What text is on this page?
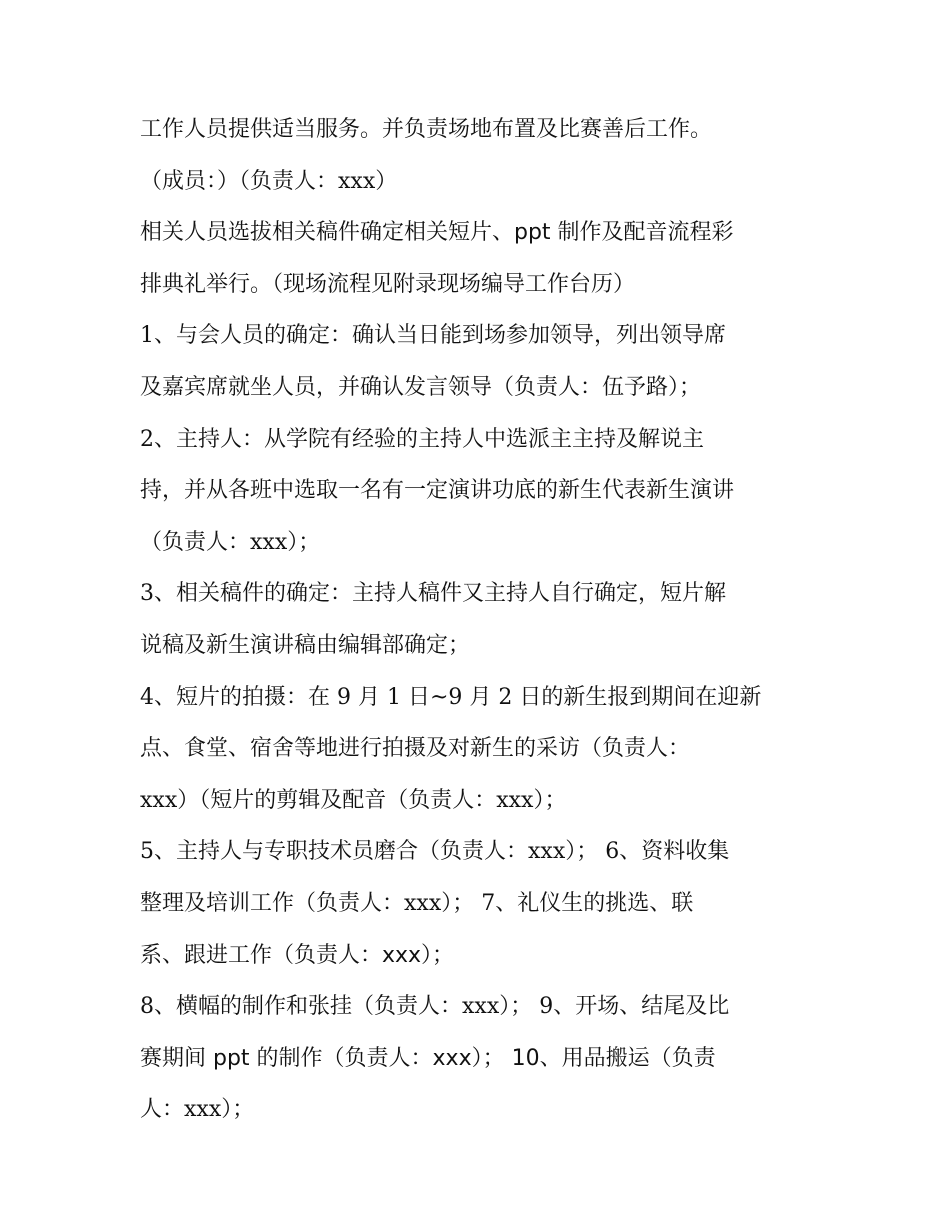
工作人员提供适当服务。并负责场地布置及比赛善后工作。
（成员：）（负责人：xxx）
相关人员选拔相关稿件确定相关短片、ppt 制作及配音流程彩
排典礼举行。（现场流程见附录现场编导工作台历）
1、与会人员的确定：确认当日能到场参加领导，列出领导席
及嘉宾席就坐人员，并确认发言领导（负责人：伍予路）；
2、主持人：从学院有经验的主持人中选派主主持及解说主
持，并从各班中选取一名有一定演讲功底的新生代表新生演讲
（负责人：xxx）；
3、相关稿件的确定：主持人稿件又主持人自行确定，短片解
说稿及新生演讲稿由编辑部确定；
4、短片的拍摄：在 9 月 1 日~9 月 2 日的新生报到期间在迎新
点、食堂、宿舍等地进行拍摄及对新生的采访（负责人：
xxx）（短片的剪辑及配音（负责人：xxx）；
5、主持人与专职技术员磨合（负责人：xxx）； 6、资料收集
整理及培训工作（负责人：xxx）； 7、礼仪生的挑选、联
系、跟进工作（负责人：xxx）；
8、横幅的制作和张挂（负责人：xxx）； 9、开场、结尾及比
赛期间 ppt 的制作（负责人：xxx）； 10、用品搬运（负责
人：xxx）；
